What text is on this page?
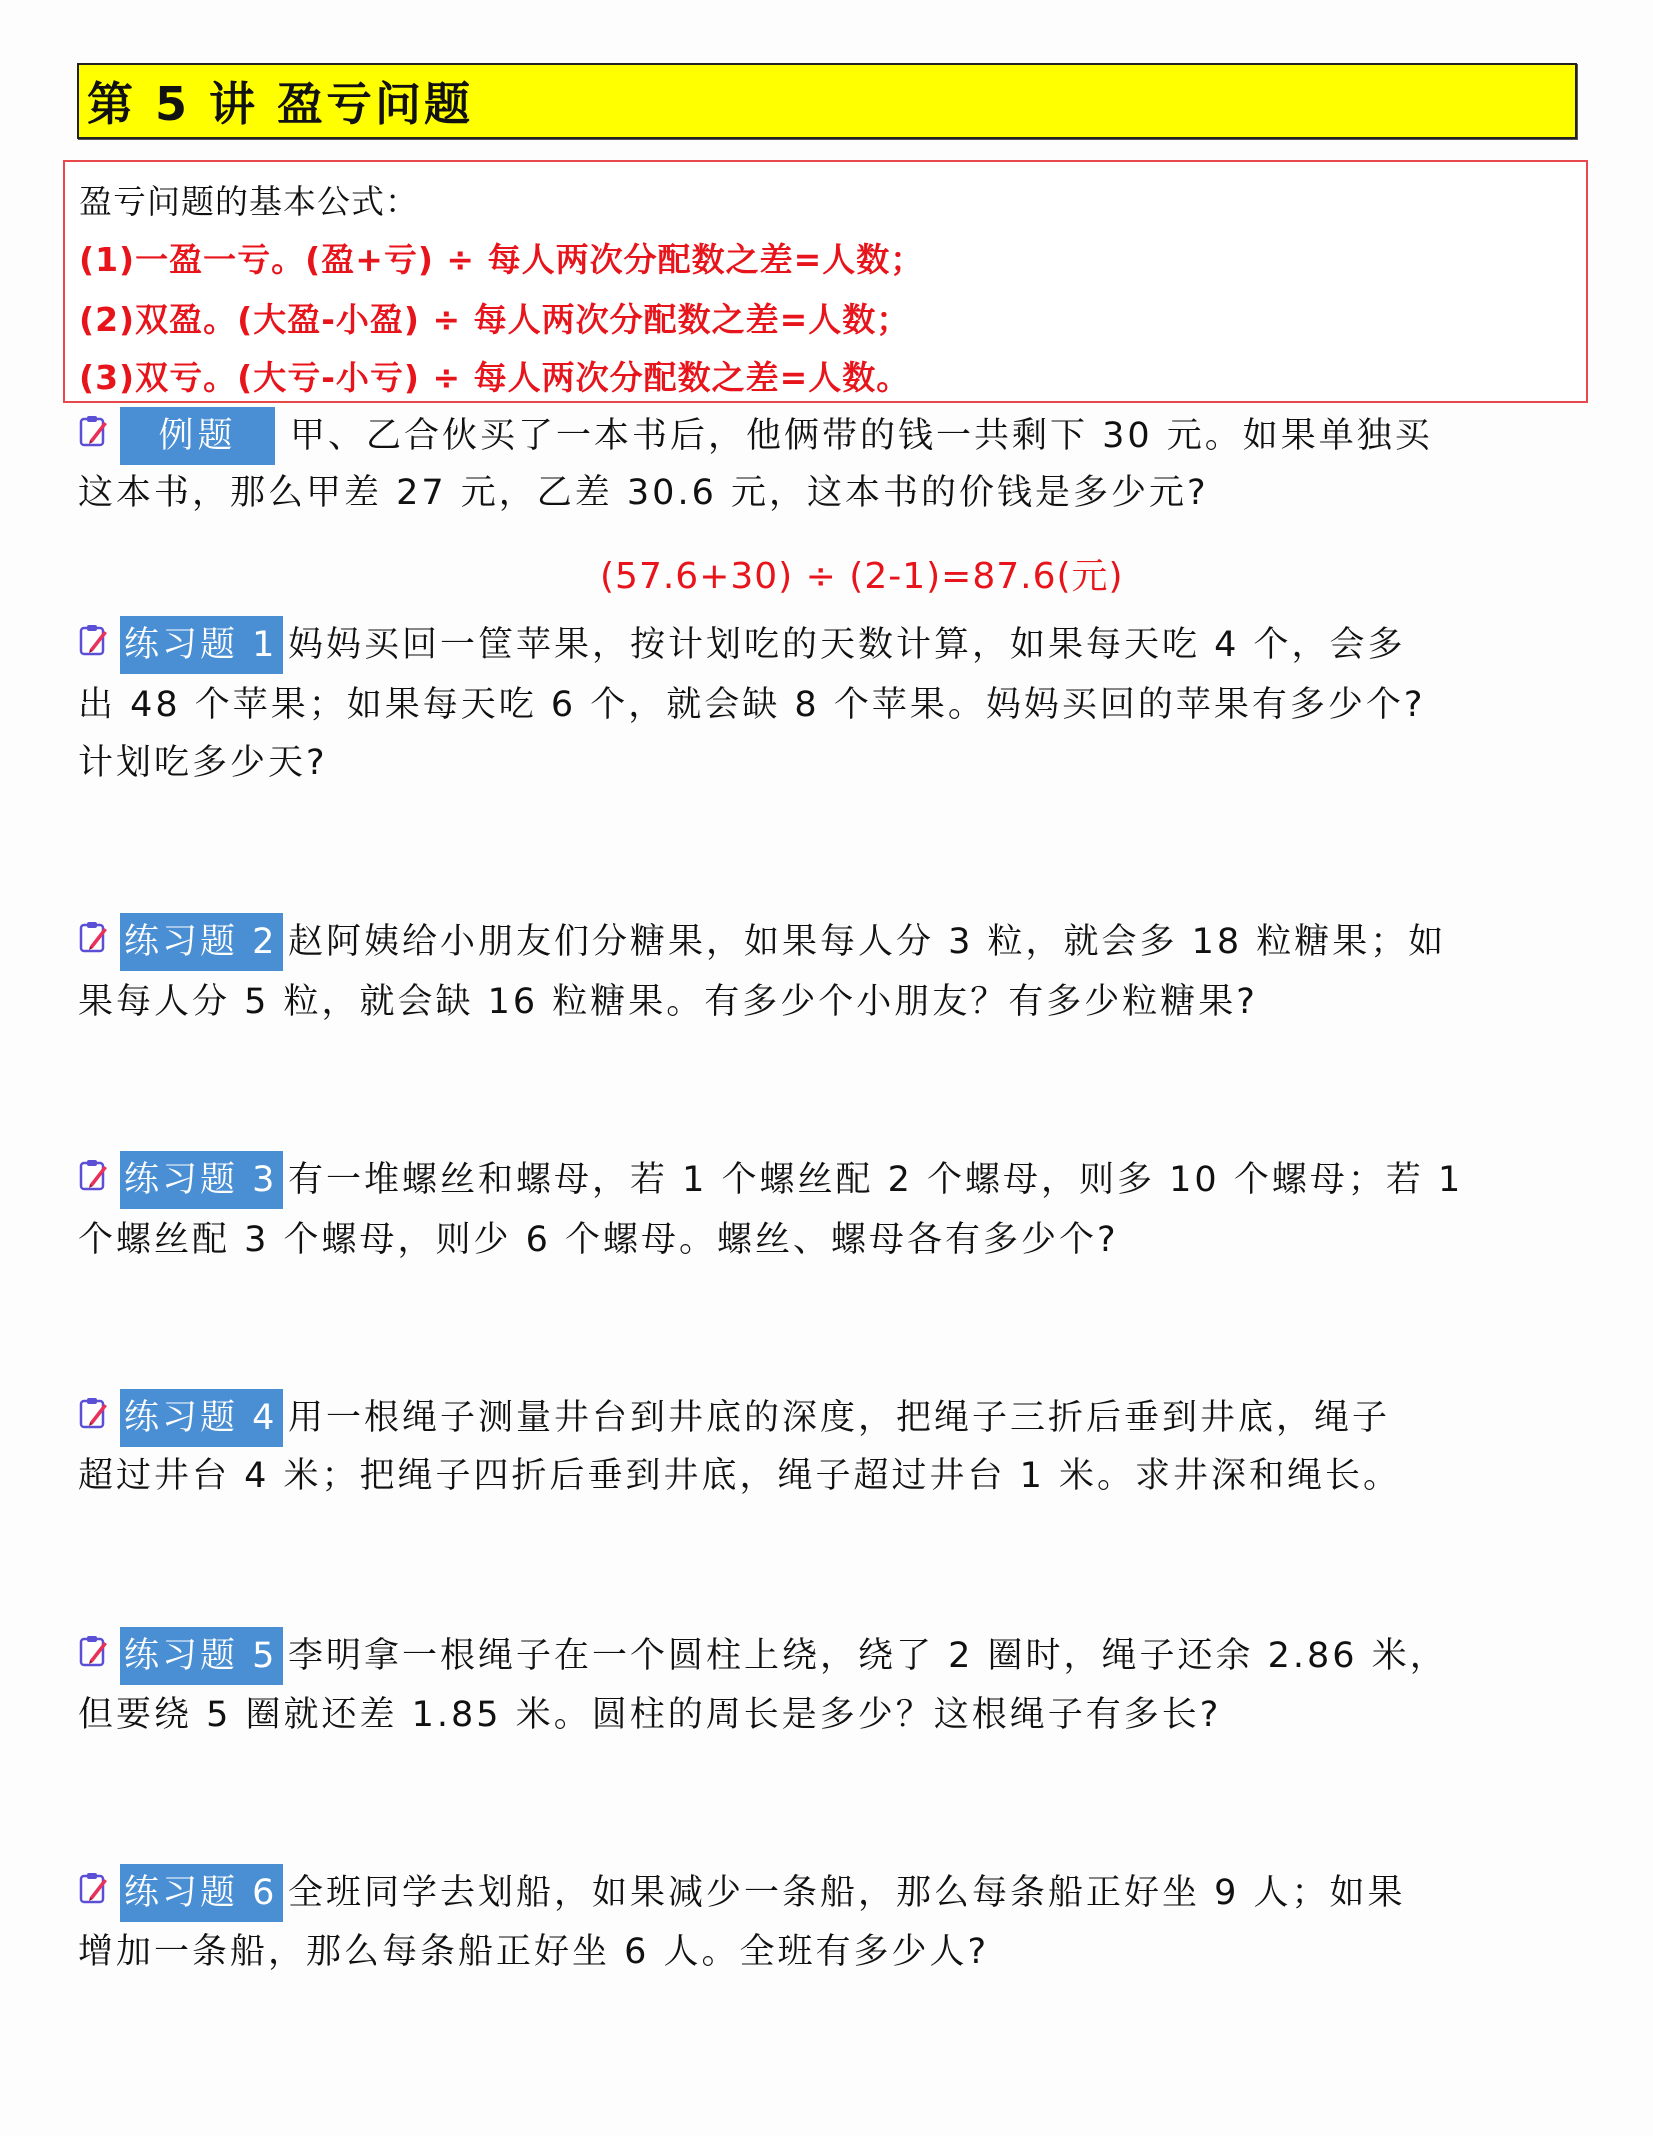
第 5 讲 盈亏问题
盈亏问题的基本公式：
(1)一盈一亏。(盈+亏) ÷ 每人两次分配数之差=人数；
(2)双盈。(大盈-小盈) ÷ 每人两次分配数之差=人数；
(3)双亏。(大亏-小亏) ÷ 每人两次分配数之差=人数。
例题	甲、乙合伙买了一本书后，他俩带的钱一共剩下 30 元。如果单独买
这本书，那么甲差 27 元，乙差 30.6 元，这本书的价钱是多少元?
(57.6+30) ÷ (2-1)=87.6(元)
练习题 1 妈妈买回一筐苹果，按计划吃的天数计算，如果每天吃 4 个，会多
出 48 个苹果；如果每天吃 6 个，就会缺 8 个苹果。妈妈买回的苹果有多少个?
计划吃多少天?
练习题 2 赵阿姨给小朋友们分糖果，如果每人分 3 粒，就会多 18 粒糖果；如
果每人分 5 粒，就会缺 16 粒糖果。有多少个小朋友？有多少粒糖果?
练习题 3 有一堆螺丝和螺母，若 1 个螺丝配 2 个螺母，则多 10 个螺母；若 1
个螺丝配 3 个螺母，则少 6 个螺母。螺丝、螺母各有多少个?
练习题 4 用一根绳子测量井台到井底的深度，把绳子三折后垂到井底，绳子
超过井台 4 米；把绳子四折后垂到井底，绳子超过井台 1 米。求井深和绳长。
练习题 5 李明拿一根绳子在一个圆柱上绕，绕了 2 圈时，绳子还余 2.86 米，
但要绕 5 圈就还差 1.85 米。圆柱的周长是多少？这根绳子有多长?
练习题 6 全班同学去划船，如果减少一条船，那么每条船正好坐 9 人；如果
增加一条船，那么每条船正好坐 6 人。全班有多少人?
